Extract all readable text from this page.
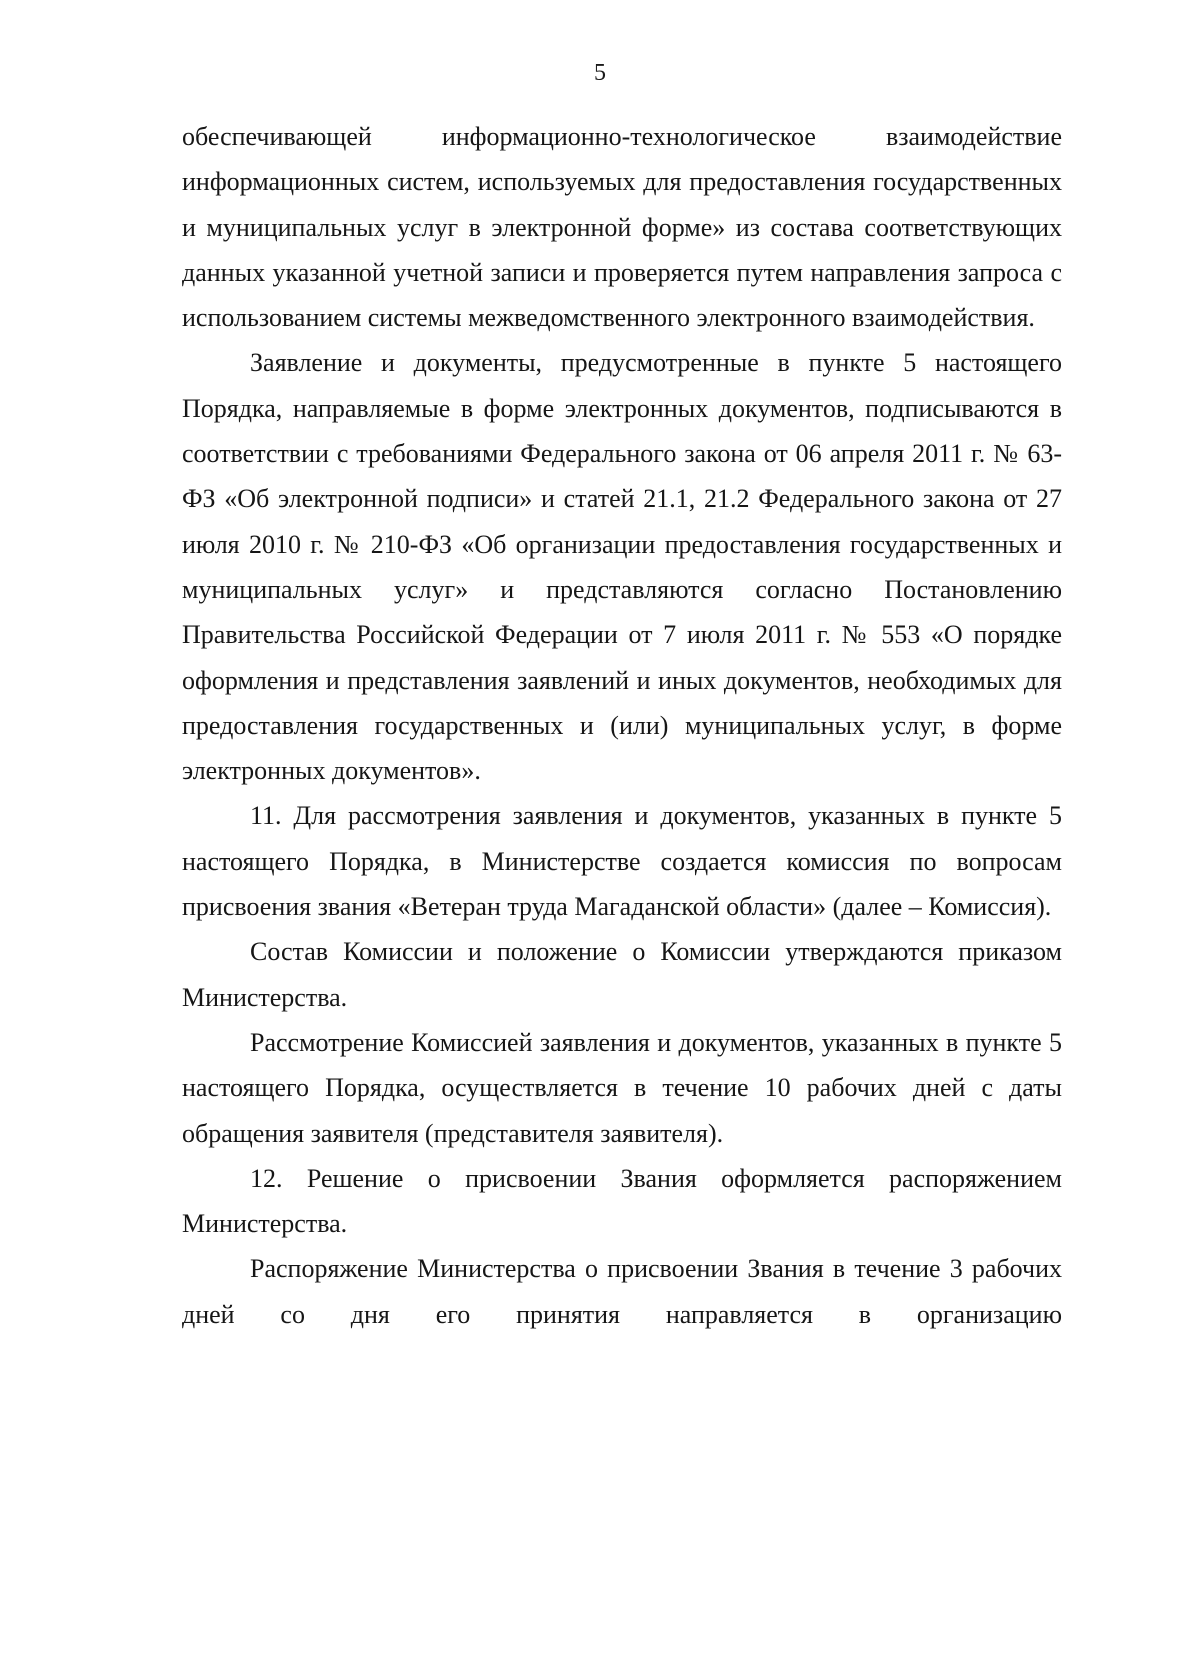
5

обеспечивающей информационно-технологическое взаимодействие информационных систем, используемых для предоставления государственных и муниципальных услуг в электронной форме» из состава соответствующих данных указанной учетной записи и проверяется путем направления запроса с использованием системы межведомственного электронного взаимодействия.

Заявление и документы, предусмотренные в пункте 5 настоящего Порядка, направляемые в форме электронных документов, подписываются в соответствии с требованиями Федерального закона от 06 апреля 2011 г. № 63-ФЗ «Об электронной подписи» и статей 21.1, 21.2 Федерального закона от 27 июля 2010 г. № 210-ФЗ «Об организации предоставления государственных и муниципальных услуг» и представляются согласно Постановлению Правительства Российской Федерации от 7 июля 2011 г. № 553 «О порядке оформления и представления заявлений и иных документов, необходимых для предоставления государственных и (или) муниципальных услуг, в форме электронных документов».

11. Для рассмотрения заявления и документов, указанных в пункте 5 настоящего Порядка, в Министерстве создается комиссия по вопросам присвоения звания «Ветеран труда Магаданской области» (далее – Комиссия).

Состав Комиссии и положение о Комиссии утверждаются приказом Министерства.

Рассмотрение Комиссией заявления и документов, указанных в пункте 5 настоящего Порядка, осуществляется в течение 10 рабочих дней с даты обращения заявителя (представителя заявителя).

12. Решение о присвоении Звания оформляется распоряжением Министерства.

Распоряжение Министерства о присвоении Звания в течение 3 рабочих дней со дня его принятия направляется в организацию
